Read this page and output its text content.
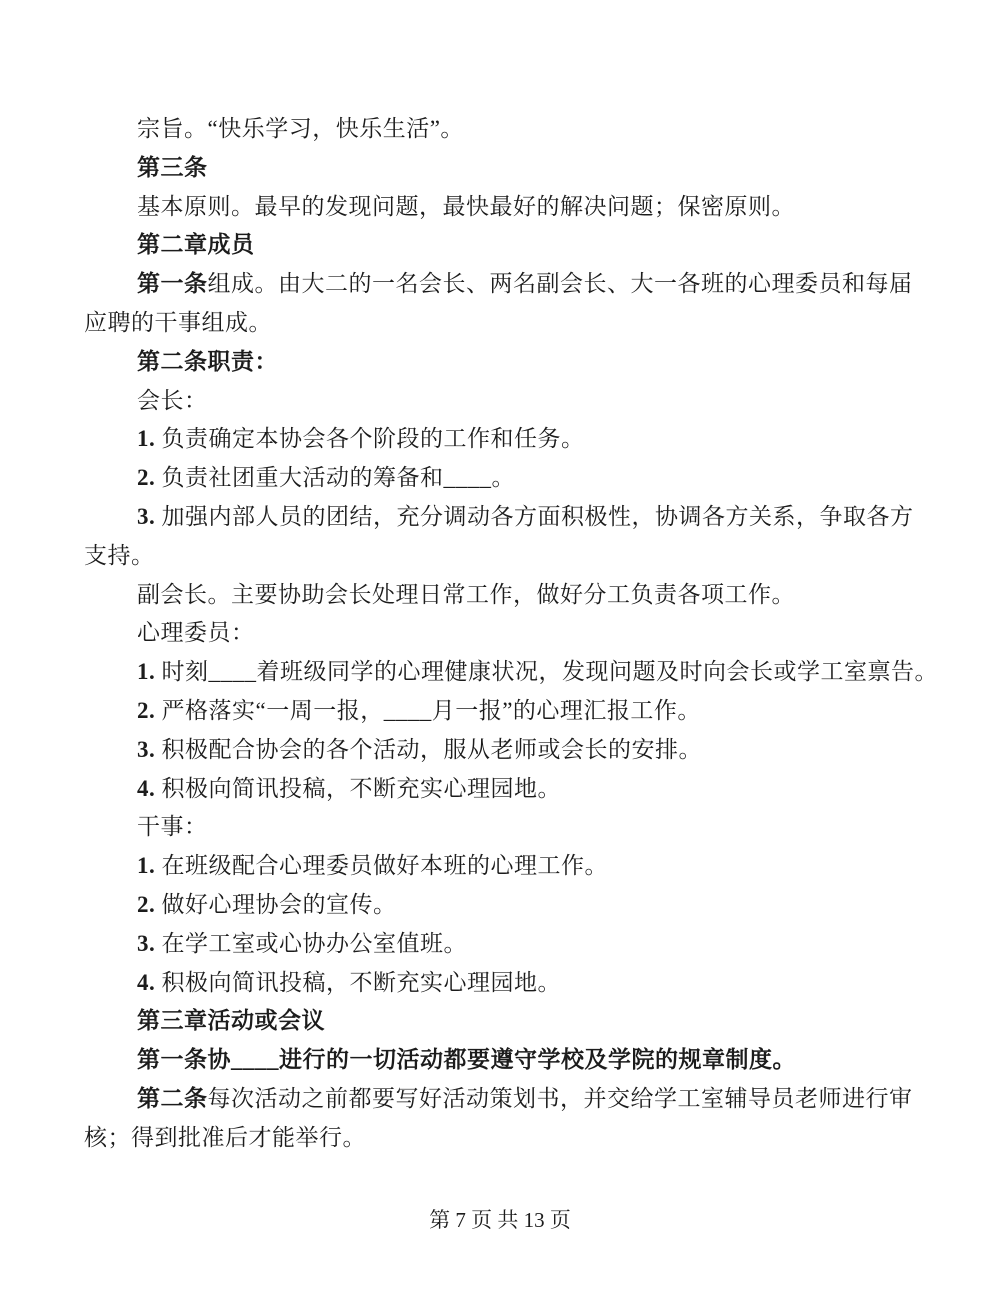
宗旨。“快乐学习，快乐生活”。
第三条
基本原则。最早的发现问题，最快最好的解决问题；保密原则。
第二章成员
第一条组成。由大二的一名会长、两名副会长、大一各班的心理委员和每届
应聘的干事组成。
第二条职责：
会长：
1. 负责确定本协会各个阶段的工作和任务。
2. 负责社团重大活动的筹备和____。
3. 加强内部人员的团结，充分调动各方面积极性，协调各方关系，争取各方
支持。
副会长。主要协助会长处理日常工作，做好分工负责各项工作。
心理委员：
1. 时刻____着班级同学的心理健康状况，发现问题及时向会长或学工室禀告。
2. 严格落实“一周一报，____月一报”的心理汇报工作。
3. 积极配合协会的各个活动，服从老师或会长的安排。
4. 积极向简讯投稿，不断充实心理园地。
干事：
1. 在班级配合心理委员做好本班的心理工作。
2. 做好心理协会的宣传。
3. 在学工室或心协办公室值班。
4. 积极向简讯投稿，不断充实心理园地。
第三章活动或会议
第一条协____进行的一切活动都要遵守学校及学院的规章制度。
第二条每次活动之前都要写好活动策划书，并交给学工室辅导员老师进行审
核；得到批准后才能举行。
第 7 页 共 13 页
